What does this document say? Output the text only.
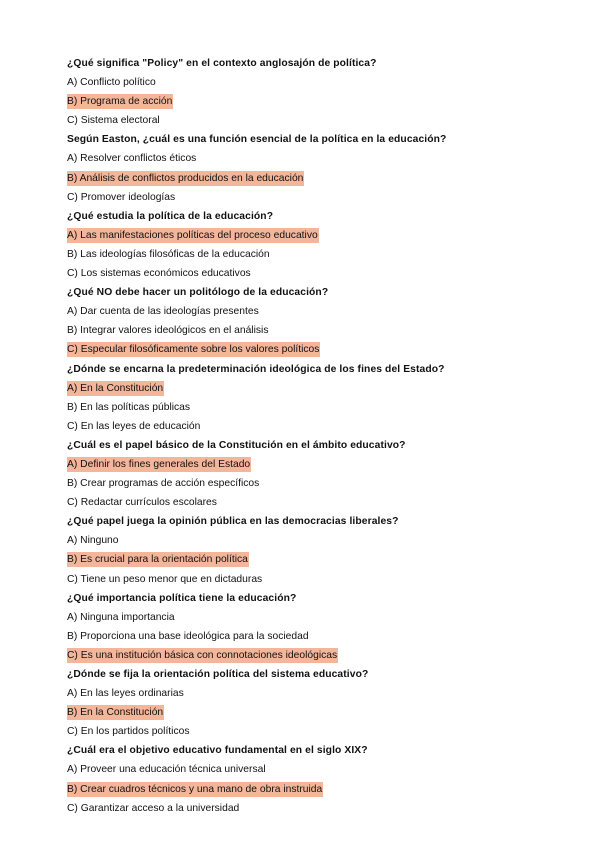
¿Qué significa "Policy" en el contexto anglosajón de política?
A) Conflicto político
B) Programa de acción
C) Sistema electoral
Según Easton, ¿cuál es una función esencial de la política en la educación?
A) Resolver conflictos éticos
B) Análisis de conflictos producidos en la educación
C) Promover ideologías
¿Qué estudia la política de la educación?
A) Las manifestaciones políticas del proceso educativo
B) Las ideologías filosóficas de la educación
C) Los sistemas económicos educativos
¿Qué NO debe hacer un politólogo de la educación?
A) Dar cuenta de las ideologías presentes
B) Integrar valores ideológicos en el análisis
C) Especular filosóficamente sobre los valores políticos
¿Dónde se encarna la predeterminación ideológica de los fines del Estado?
A) En la Constitución
B) En las políticas públicas
C) En las leyes de educación
¿Cuál es el papel básico de la Constitución en el ámbito educativo?
A) Definir los fines generales del Estado
B) Crear programas de acción específicos
C) Redactar currículos escolares
¿Qué papel juega la opinión pública en las democracias liberales?
A) Ninguno
B) Es crucial para la orientación política
C) Tiene un peso menor que en dictaduras
¿Qué importancia política tiene la educación?
A) Ninguna importancia
B) Proporciona una base ideológica para la sociedad
C) Es una institución básica con connotaciones ideológicas
¿Dónde se fija la orientación política del sistema educativo?
A) En las leyes ordinarias
B) En la Constitución
C) En los partidos políticos
¿Cuál era el objetivo educativo fundamental en el siglo XIX?
A) Proveer una educación técnica universal
B) Crear cuadros técnicos y una mano de obra instruida
C) Garantizar acceso a la universidad
